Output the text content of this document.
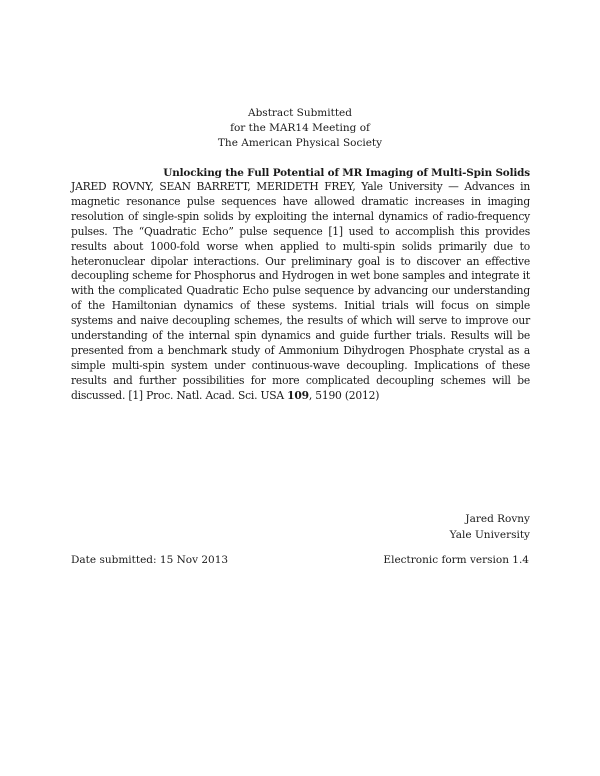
Abstract Submitted
for the MAR14 Meeting of
The American Physical Society
Unlocking the Full Potential of MR Imaging of Multi-Spin Solids
JARED ROVNY, SEAN BARRETT, MERIDETH FREY, Yale University — Advances in magnetic resonance pulse sequences have allowed dramatic increases in imaging resolution of single-spin solids by exploiting the internal dynamics of radio-frequency pulses. The “Quadratic Echo” pulse sequence [1] used to accomplish this provides results about 1000-fold worse when applied to multi-spin solids primarily due to heteronuclear dipolar interactions. Our preliminary goal is to discover an effective decoupling scheme for Phosphorus and Hydrogen in wet bone samples and integrate it with the complicated Quadratic Echo pulse sequence by advancing our understanding of the Hamiltonian dynamics of these systems. Initial trials will focus on simple systems and naive decoupling schemes, the results of which will serve to improve our understanding of the internal spin dynamics and guide further trials. Results will be presented from a benchmark study of Ammonium Dihydrogen Phosphate crystal as a simple multi-spin system under continuous-wave decoupling. Implications of these results and further possibilities for more complicated decoupling schemes will be discussed. [1] Proc. Natl. Acad. Sci. USA 109, 5190 (2012)
Jared Rovny
Yale University
Date submitted: 15 Nov 2013	Electronic form version 1.4
